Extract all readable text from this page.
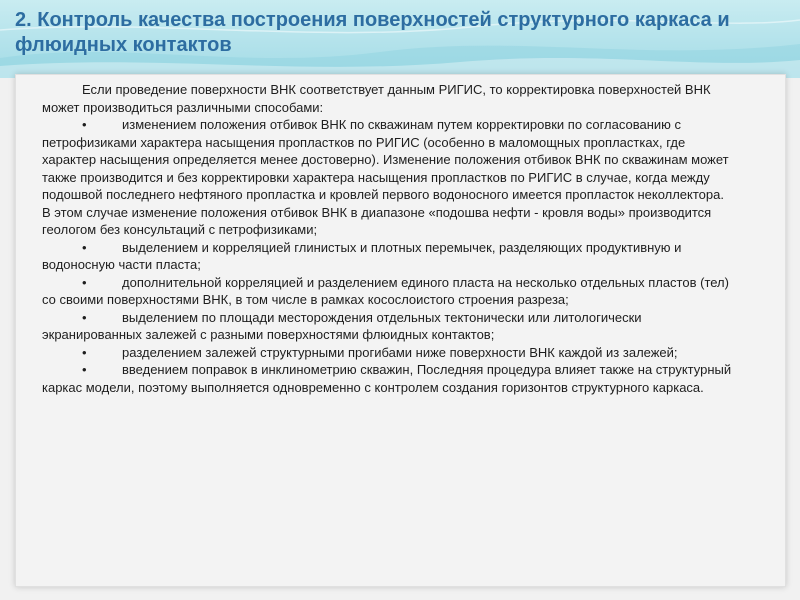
2. Контроль качества построения поверхностей структурного каркаса и флюидных контактов

Если проведение поверхности ВНК соответствует данным РИГИС, то корректировка поверхностей ВНК может производиться различными способами:

•	изменением положения отбивок ВНК по скважинам путем корректировки по согласованию с петрофизиками характера насыщения пропластков по РИГИС (особенно в маломощных пропластках, где характер насыщения определяется менее достоверно). Изменение положения отбивок ВНК по скважинам может также производится и без корректировки характера насыщения пропластков по РИГИС в случае, когда между подошвой последнего нефтяного пропластка и кровлей первого водоносного имеется пропласток неколлектора. В этом случае изменение положения отбивок ВНК в диапазоне «подошва нефти - кровля воды» производится геологом без консультаций с петрофизиками;

•	выделением и корреляцией глинистых и плотных перемычек, разделяющих продуктивную и водоносную части пласта;

•	дополнительной корреляцией и разделением единого пласта на несколько отдельных пластов (тел) со своими поверхностями ВНК, в том числе в рамках косослоистого строения разреза;

•	выделением по площади месторождения отдельных тектонически или литологически экранированных залежей с разными поверхностями флюидных контактов;

•	разделением залежей структурными прогибами ниже поверхности ВНК каждой из залежей;

•	введением поправок в инклинометрию скважин, Последняя процедура влияет также на структурный каркас модели, поэтому выполняется одновременно с контролем создания горизонтов структурного каркаса.
